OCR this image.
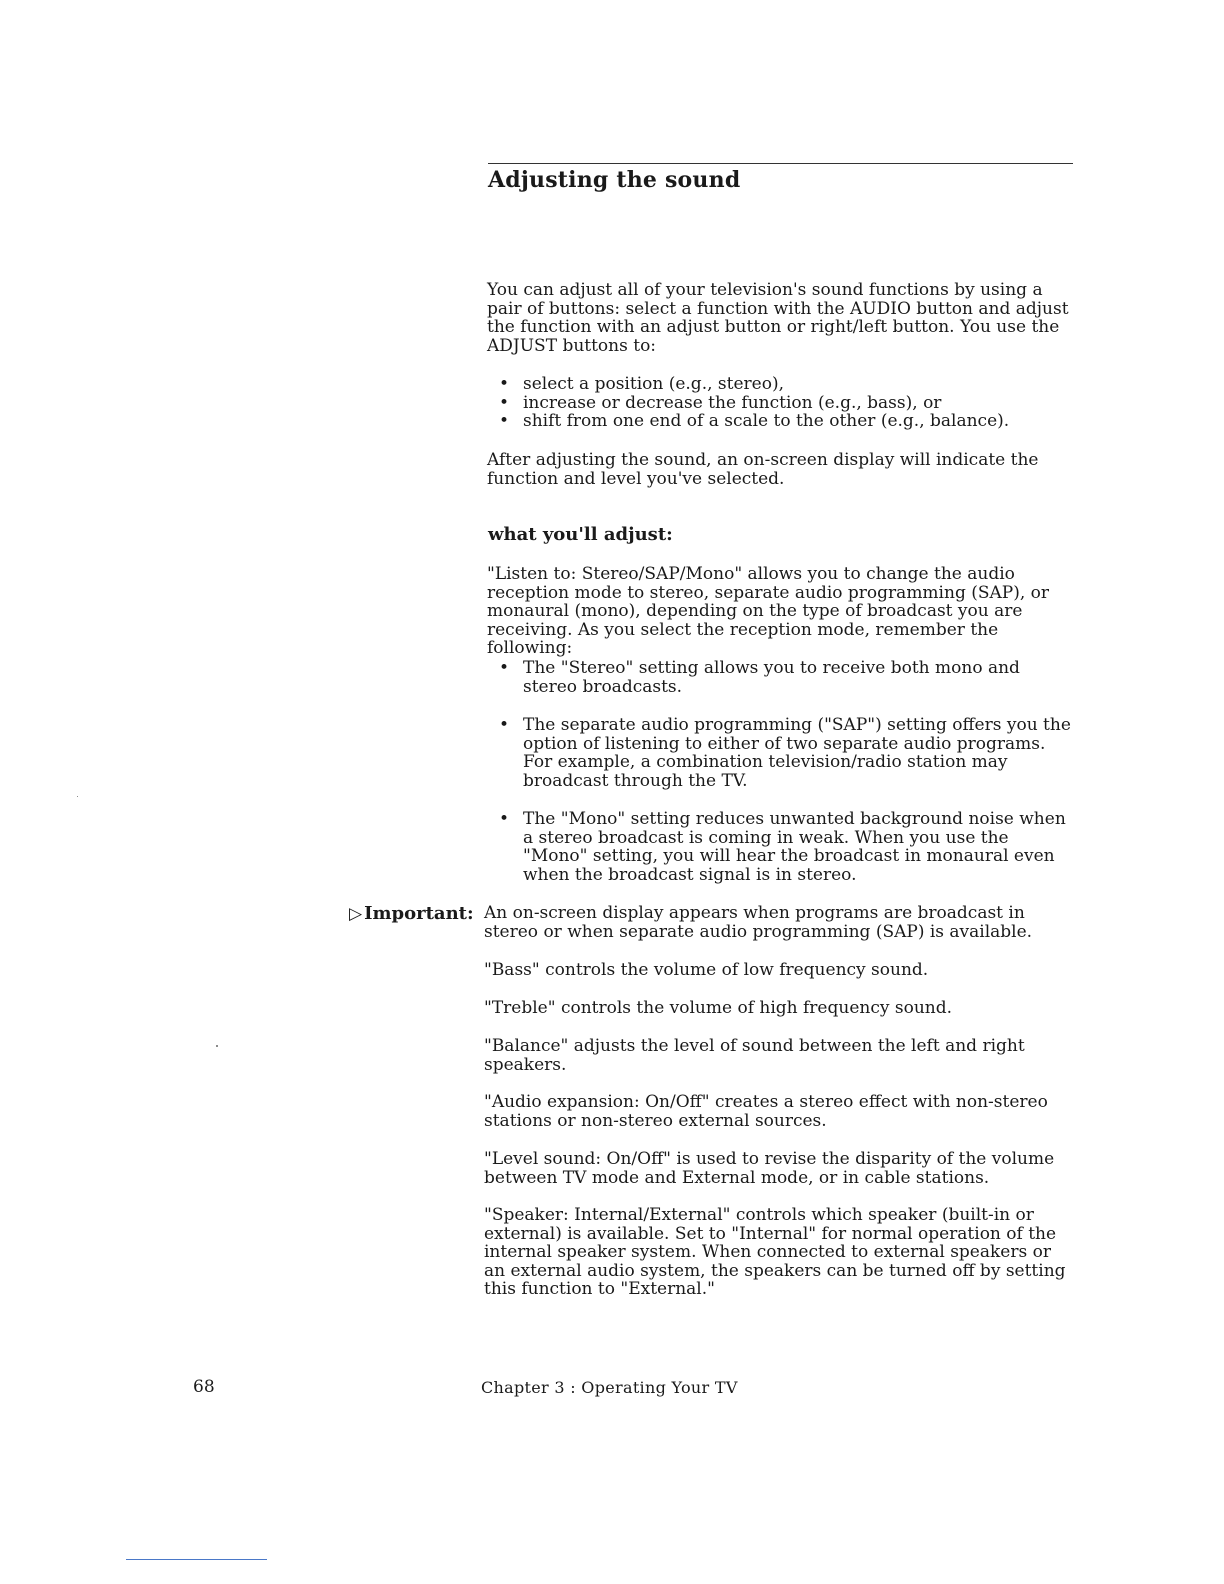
Adjusting the sound

You can adjust all of your television's sound functions by using a pair of buttons: select a function with the AUDIO button and adjust the function with an adjust button or right/left button. You use the ADJUST buttons to:

• select a position (e.g., stereo),
• increase or decrease the function (e.g., bass), or
• shift from one end of a scale to the other (e.g., balance).

After adjusting the sound, an on-screen display will indicate the function and level you've selected.

what you'll adjust:

"Listen to: Stereo/SAP/Mono" allows you to change the audio reception mode to stereo, separate audio programming (SAP), or monaural (mono), depending on the type of broadcast you are receiving. As you select the reception mode, remember the following:

• The "Stereo" setting allows you to receive both mono and stereo broadcasts.
• The separate audio programming ("SAP") setting offers you the option of listening to either of two separate audio programs. For example, a combination television/radio station may broadcast through the TV.
• The "Mono" setting reduces unwanted background noise when a stereo broadcast is coming in weak. When you use the "Mono" setting, you will hear the broadcast in monaural even when the broadcast signal is in stereo.
▷ Important: An on-screen display appears when programs are broadcast in stereo or when separate audio programming (SAP) is available.

"Bass" controls the volume of low frequency sound.

"Treble" controls the volume of high frequency sound.

"Balance" adjusts the level of sound between the left and right speakers.

"Audio expansion: On/Off" creates a stereo effect with non-stereo stations or non-stereo external sources.

"Level sound: On/Off" is used to revise the disparity of the volume between TV mode and External mode, or in cable stations.

"Speaker: Internal/External" controls which speaker (built-in or external) is available. Set to "Internal" for normal operation of the internal speaker system. When connected to external speakers or an external audio system, the speakers can be turned off by setting this function to "External."

68	Chapter 3 : Operating Your TV
